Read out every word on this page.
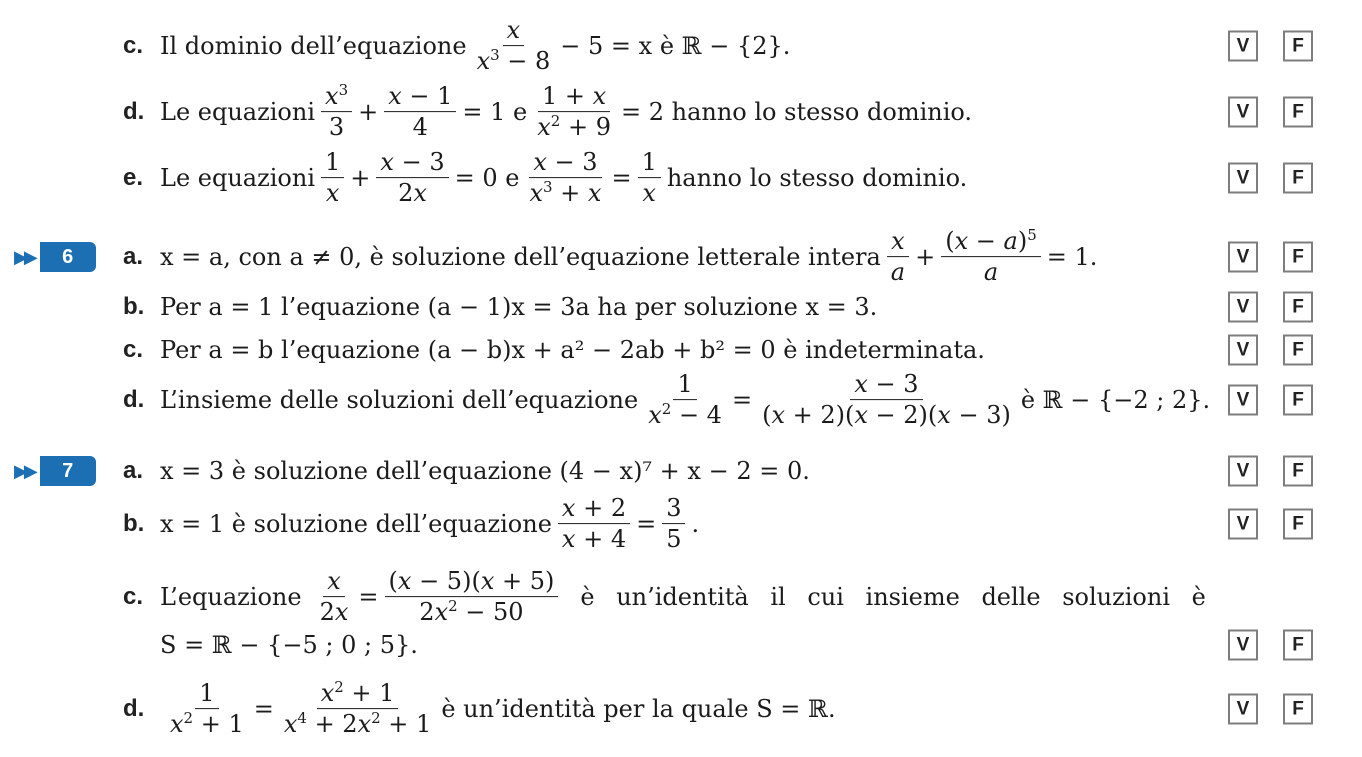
c. Il dominio dell’equazione $\frac{x}{x^3 - 8} - 5 = x$ è ℝ − {2}.	V	F
d. Le equazioni $\frac{x^3}{3} + \frac{x - 1}{4} = 1$ e $\frac{1 + x}{x^2 + 9} = 2$ hanno lo stesso dominio.	V	F
e. Le equazioni $\frac{1}{x} + \frac{x - 3}{2x} = 0$ e $\frac{x - 3}{x^3 + x} = \frac{1}{x}$ hanno lo stesso dominio.	V	F
▶▶	6	a. x = a, con a ≠ 0, è soluzione dell’equazione letterale intera $\frac{x}{a} + \frac{(x - a)^5}{a} = 1$.	V	F
b. Per a = 1 l’equazione (a − 1)x = 3a ha per soluzione x = 3.	V	F
c. Per a = b l’equazione (a − b)x + a² − 2ab + b² = 0 è indeterminata.	V	F
d. L’insieme delle soluzioni dell’equazione $\frac{1}{x^2 - 4} = \frac{x - 3}{(x + 2)(x - 2)(x - 3)}$ è ℝ − {−2 ; 2}.	V	F
▶▶	7	a. x = 3 è soluzione dell’equazione (4 − x)⁷ + x − 2 = 0.	V	F
b. x = 1 è soluzione dell’equazione $\frac{x + 2}{x + 4} = \frac{3}{5}$ .	V	F
c. L’equazione $\frac{x}{2x} = \frac{(x - 5)(x + 5)}{2x^2 - 50}$ è un’identità il cui insieme delle soluzioni è
S = ℝ − {−5 ; 0 ; 5}.	V	F
d. $\frac{1}{x^2 + 1} = \frac{x^2 + 1}{x^4 + 2x^2 + 1}$ è un’identità per la quale S = ℝ.	V	F
